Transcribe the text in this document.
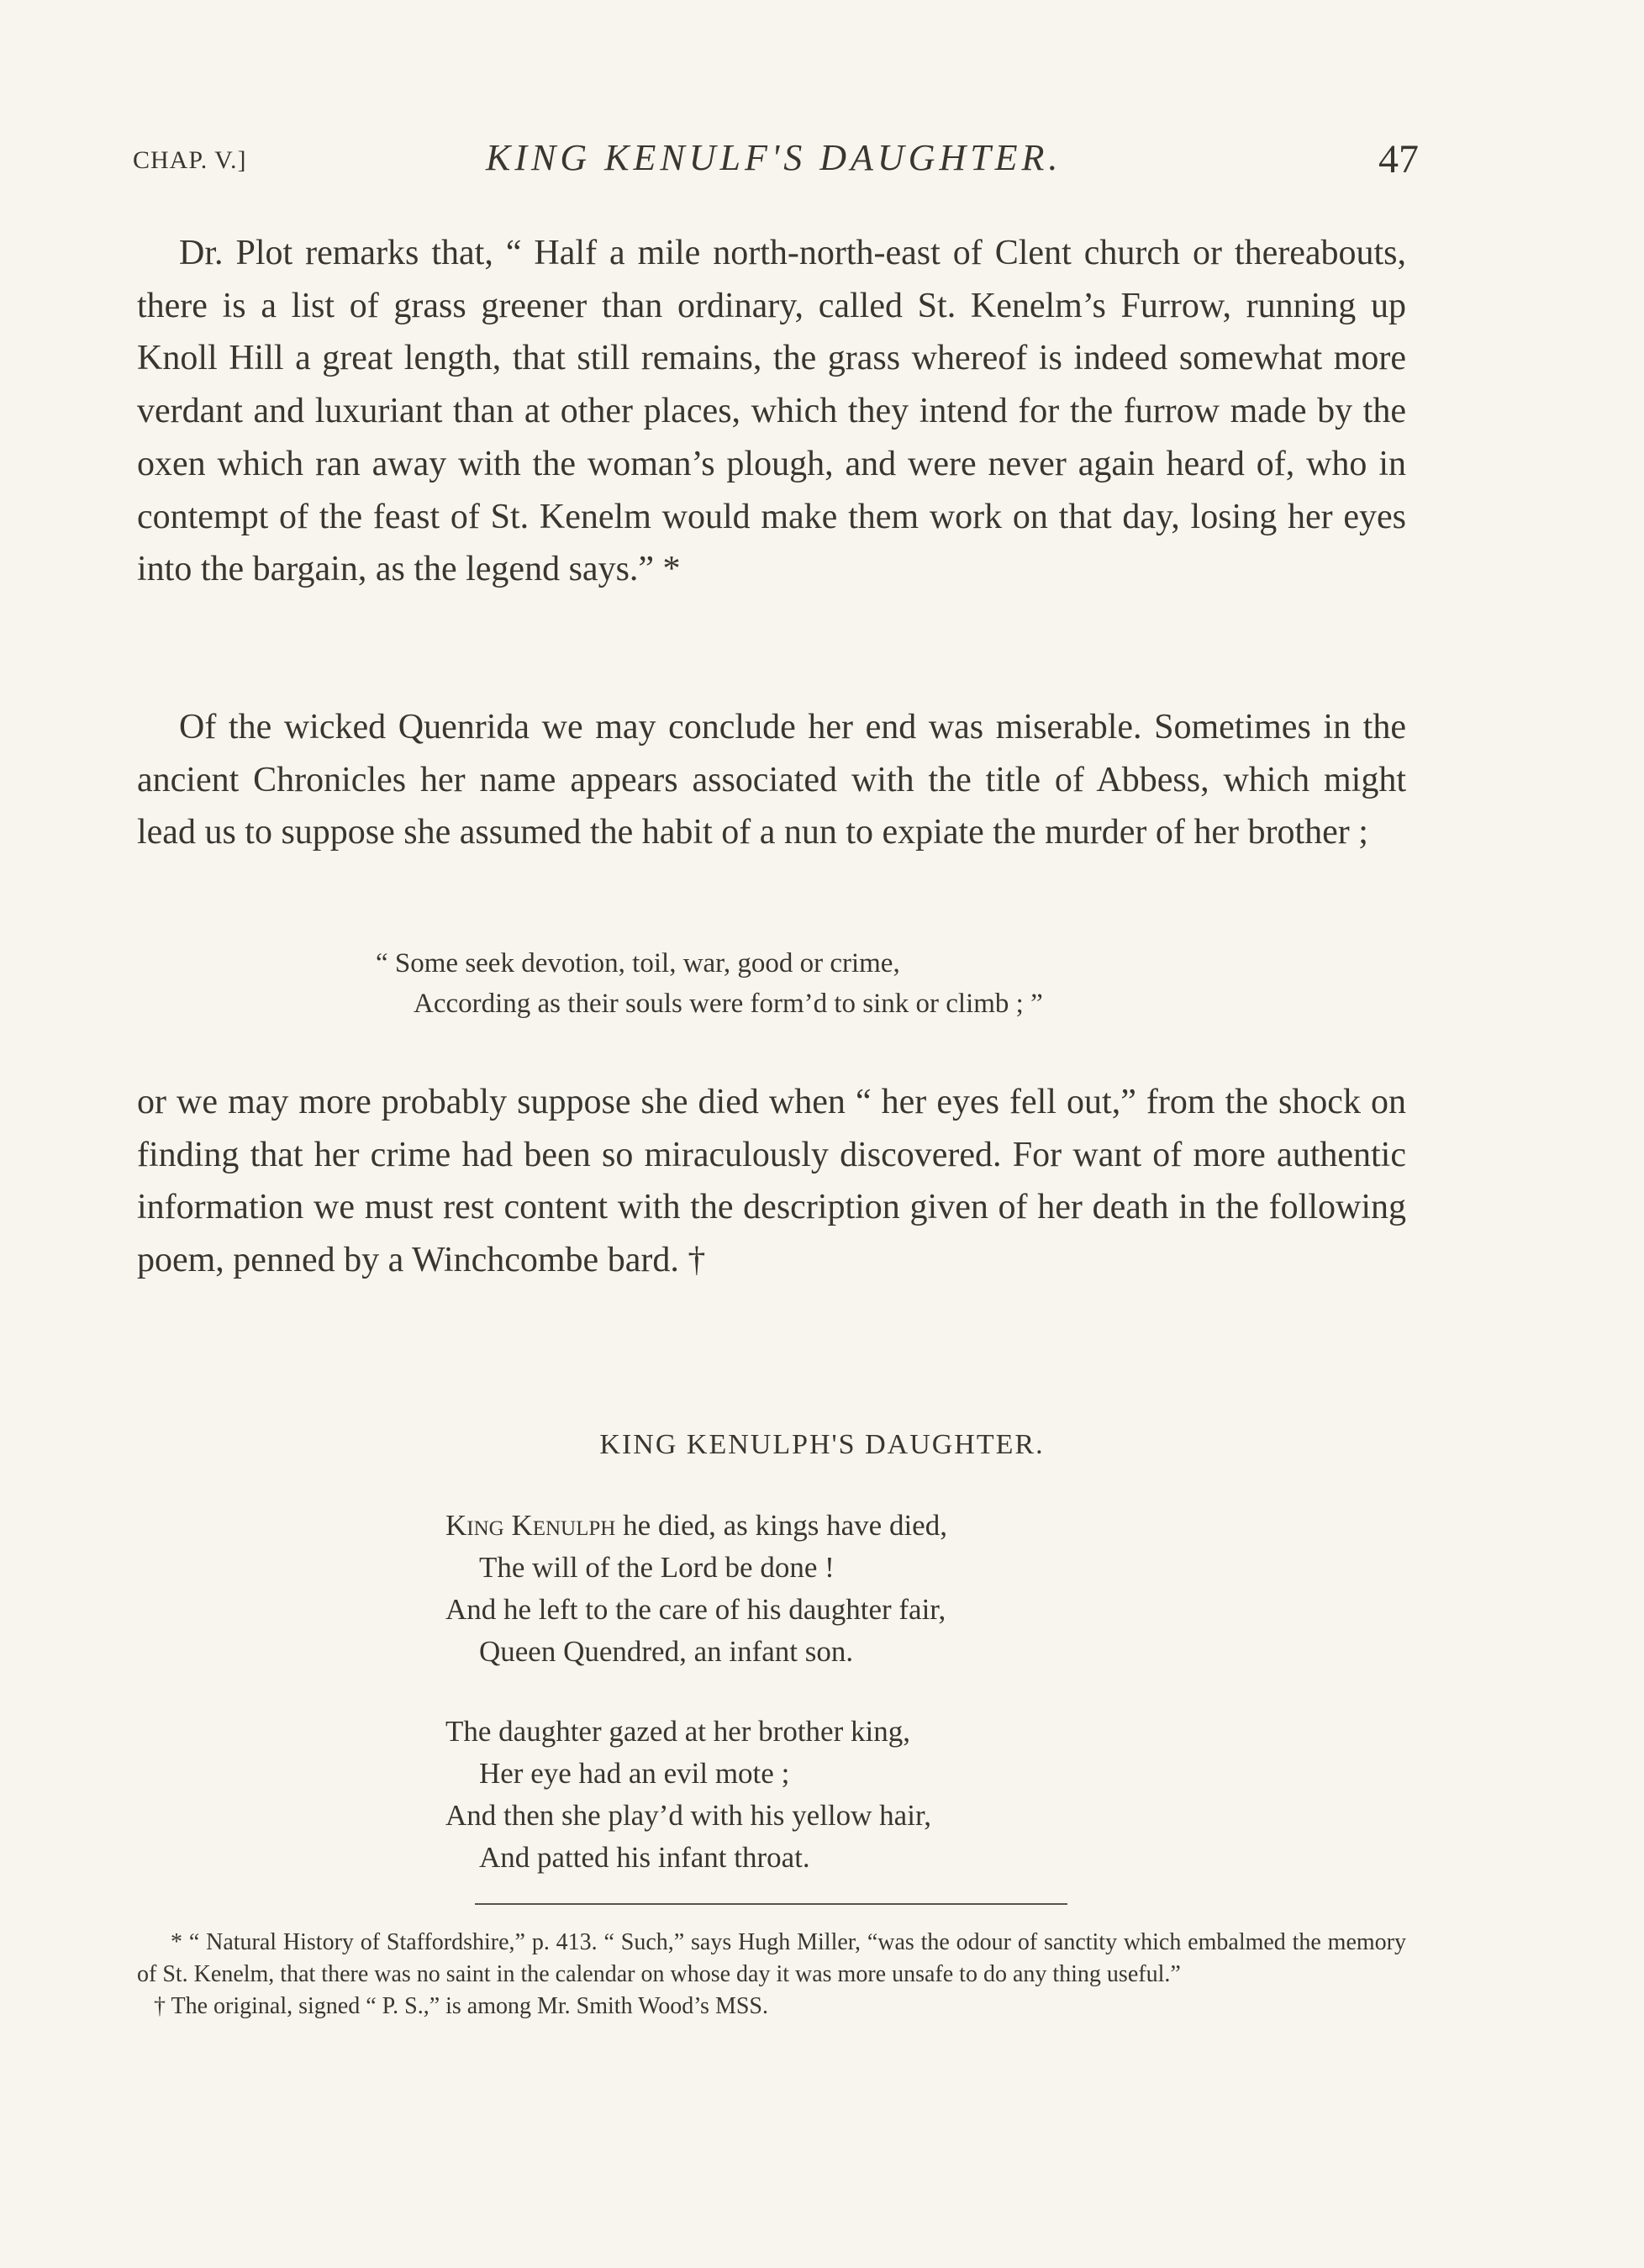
CHAP. V.]	KING KENULF'S DAUGHTER.	47

Dr. Plot remarks that, “ Half a mile north-north-east of Clent church or thereabouts, there is a list of grass greener than ordinary, called St. Kenelm’s Furrow, running up Knoll Hill a great length, that still remains, the grass whereof is indeed somewhat more verdant and luxuriant than at other places, which they intend for the furrow made by the oxen which ran away with the woman’s plough, and were never again heard of, who in contempt of the feast of St. Kenelm would make them work on that day, losing her eyes into the bargain, as the legend says.” *

Of the wicked Quenrida we may conclude her end was miserable. Sometimes in the ancient Chronicles her name appears associated with the title of Abbess, which might lead us to suppose she assumed the habit of a nun to expiate the murder of her brother ;

“ Some seek devotion, toil, war, good or crime,
According as their souls were form’d to sink or climb ; ”

or we may more probably suppose she died when “ her eyes fell out,” from the shock on finding that her crime had been so miraculously discovered. For want of more authentic information we must rest content with the description given of her death in the following poem, penned by a Winchcombe bard. †

KING KENULPH'S DAUGHTER.
King Kenulph he died, as kings have died,
The will of the Lord be done !
And he left to the care of his daughter fair,
Queen Quendred, an infant son.
The daughter gazed at her brother king,
Her eye had an evil mote ;
And then she play’d with his yellow hair,
And patted his infant throat.

* “ Natural History of Staffordshire,” p. 413. “ Such,” says Hugh Miller, “was the odour of sanctity which embalmed the memory of St. Kenelm, that there was no saint in the calendar on whose day it was more unsafe to do any thing useful.”

† The original, signed “ P. S.,” is among Mr. Smith Wood’s MSS.
